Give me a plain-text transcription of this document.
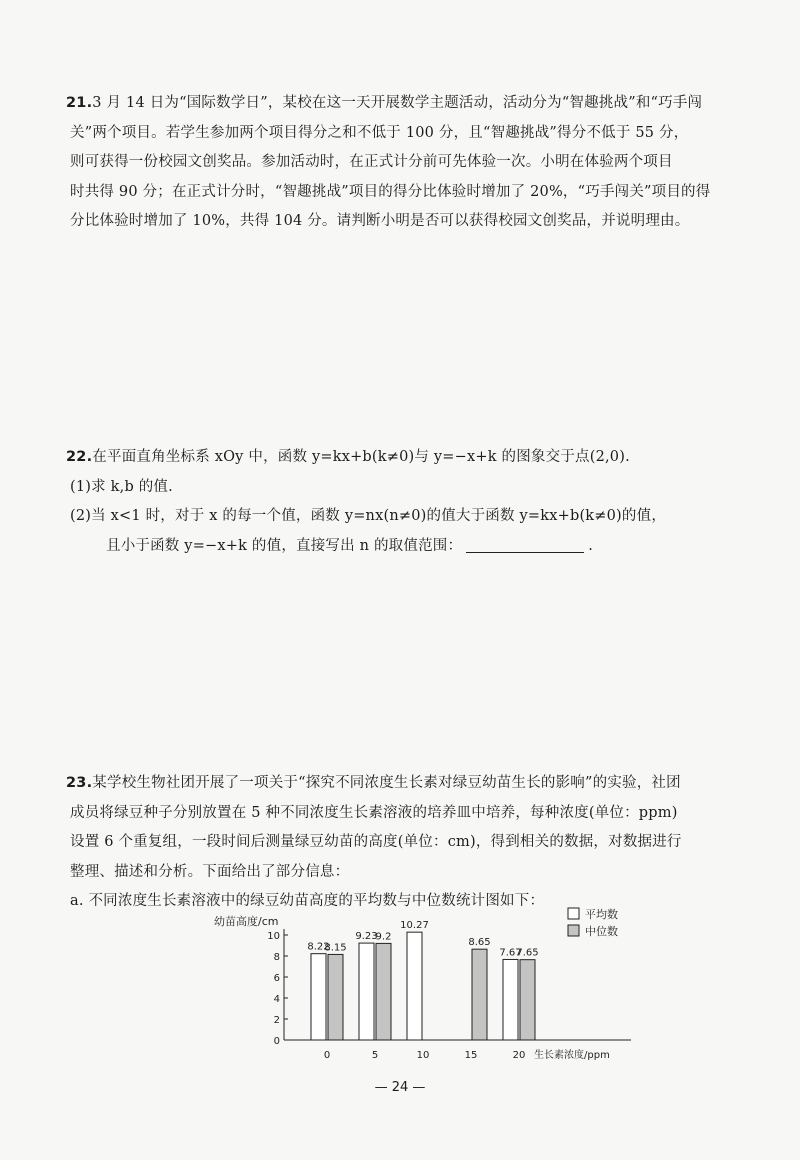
21.3 月 14 日为“国际数学日”，某校在这一天开展数学主题活动，活动分为“智趣挑战”和“巧手闯

关”两个项目。若学生参加两个项目得分之和不低于 100 分，且“智趣挑战”得分不低于 55 分，

则可获得一份校园文创奖品。参加活动时，在正式计分前可先体验一次。小明在体验两个项目

时共得 90 分；在正式计分时，“智趣挑战”项目的得分比体验时增加了 20%，“巧手闯关”项目的得

分比体验时增加了 10%，共得 104 分。请判断小明是否可以获得校园文创奖品，并说明理由。

22.在平面直角坐标系 xOy 中，函数 y=kx+b(k≠0)与 y=−x+k 的图象交于点(2,0).

(1)求 k,b 的值.

(2)当 x<1 时，对于 x 的每一个值，函数 y=nx(n≠0)的值大于函数 y=kx+b(k≠0)的值，

且小于函数 y=−x+k 的值，直接写出 n 的取值范围：	.

23.某学校生物社团开展了一项关于“探究不同浓度生长素对绿豆幼苗生长的影响”的实验，社团

成员将绿豆种子分别放置在 5 种不同浓度生长素溶液的培养皿中培养，每种浓度(单位：ppm)

设置 6 个重复组，一段时间后测量绿豆幼苗的高度(单位：cm)，得到相关的数据，对数据进行

整理、描述和分析。下面给出了部分信息：

a. 不同浓度生长素溶液中的绿豆幼苗高度的平均数与中位数统计图如下：

0
2
4
6
8
10
幼苗高度/cm
8.22
8.15
0
9.23
9.2
5
10.27
10
8.65
15
7.67
7.65
20 生长素浓度/ppm
平均数
中位数
— 24 —
